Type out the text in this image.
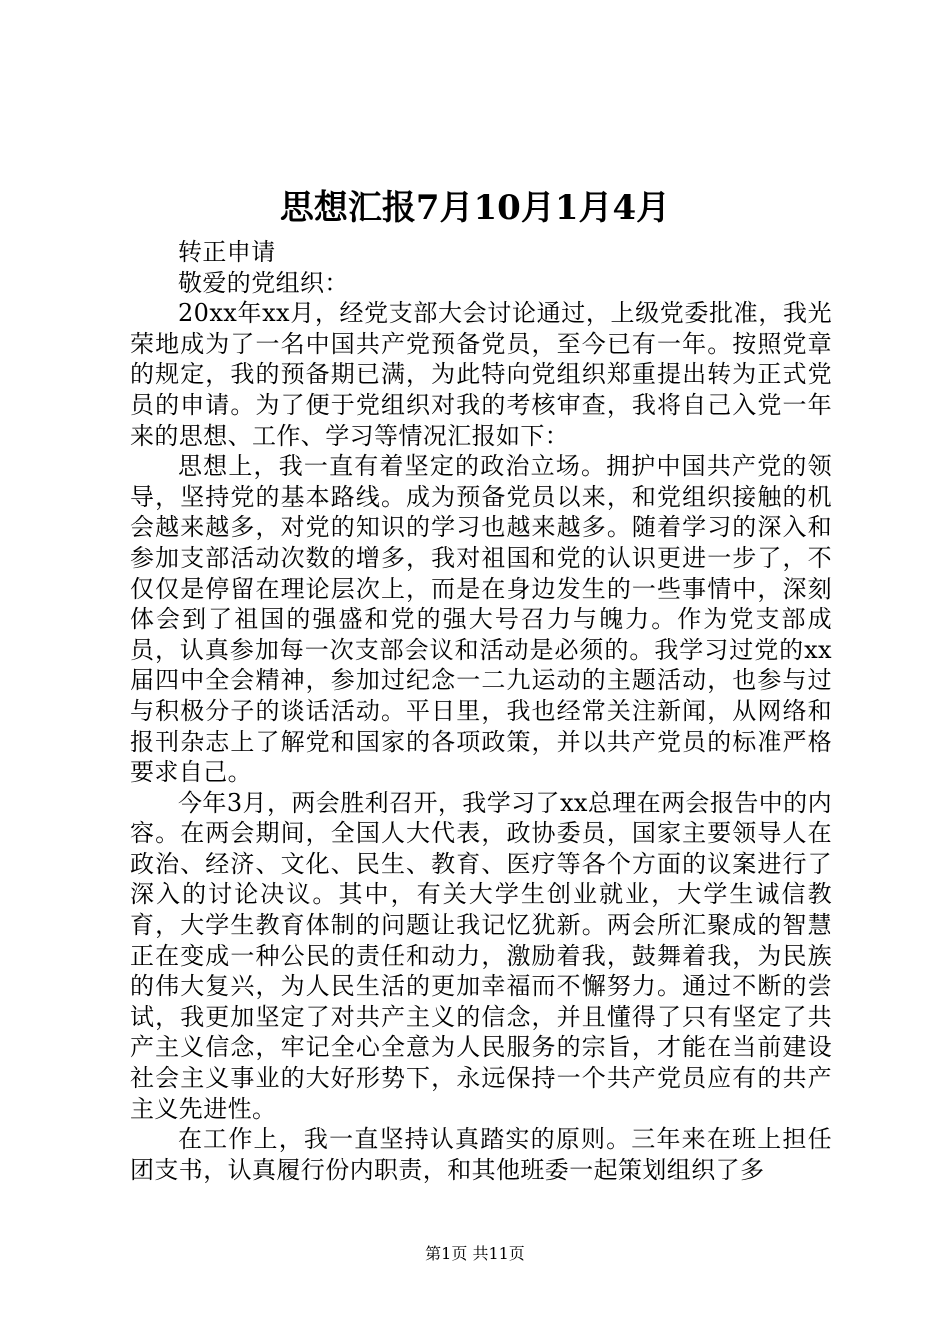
思想汇报7月10月1月4月

转正申请

敬爱的党组织：

20xx年xx月，经党支部大会讨论通过，上级党委批准，我光荣地成为了一名中国共产党预备党员，至今已有一年。按照党章的规定，我的预备期已满，为此特向党组织郑重提出转为正式党员的申请。为了便于党组织对我的考核审查，我将自己入党一年来的思想、工作、学习等情况汇报如下：

思想上，我一直有着坚定的政治立场。拥护中国共产党的领导，坚持党的基本路线。成为预备党员以来，和党组织接触的机会越来越多，对党的知识的学习也越来越多。随着学习的深入和参加支部活动次数的增多，我对祖国和党的认识更进一步了，不仅仅是停留在理论层次上，而是在身边发生的一些事情中，深刻体会到了祖国的强盛和党的强大号召力与魄力。作为党支部成员，认真参加每一次支部会议和活动是必须的。我学习过党的xx届四中全会精神，参加过纪念一二九运动的主题活动，也参与过与积极分子的谈话活动。平日里，我也经常关注新闻，从网络和报刊杂志上了解党和国家的各项政策，并以共产党员的标准严格要求自己。

今年3月，两会胜利召开，我学习了xx总理在两会报告中的内容。在两会期间，全国人大代表，政协委员，国家主要领导人在政治、经济、文化、民生、教育、医疗等各个方面的议案进行了深入的讨论决议。其中，有关大学生创业就业，大学生诚信教育，大学生教育体制的问题让我记忆犹新。两会所汇聚成的智慧正在变成一种公民的责任和动力，激励着我，鼓舞着我，为民族的伟大复兴，为人民生活的更加幸福而不懈努力。通过不断的尝试，我更加坚定了对共产主义的信念，并且懂得了只有坚定了共产主义信念，牢记全心全意为人民服务的宗旨，才能在当前建设社会主义事业的大好形势下，永远保持一个共产党员应有的共产主义先进性。

在工作上，我一直坚持认真踏实的原则。三年来在班上担任团支书，认真履行份内职责，和其他班委一起策划组织了多

第1页 共11页
